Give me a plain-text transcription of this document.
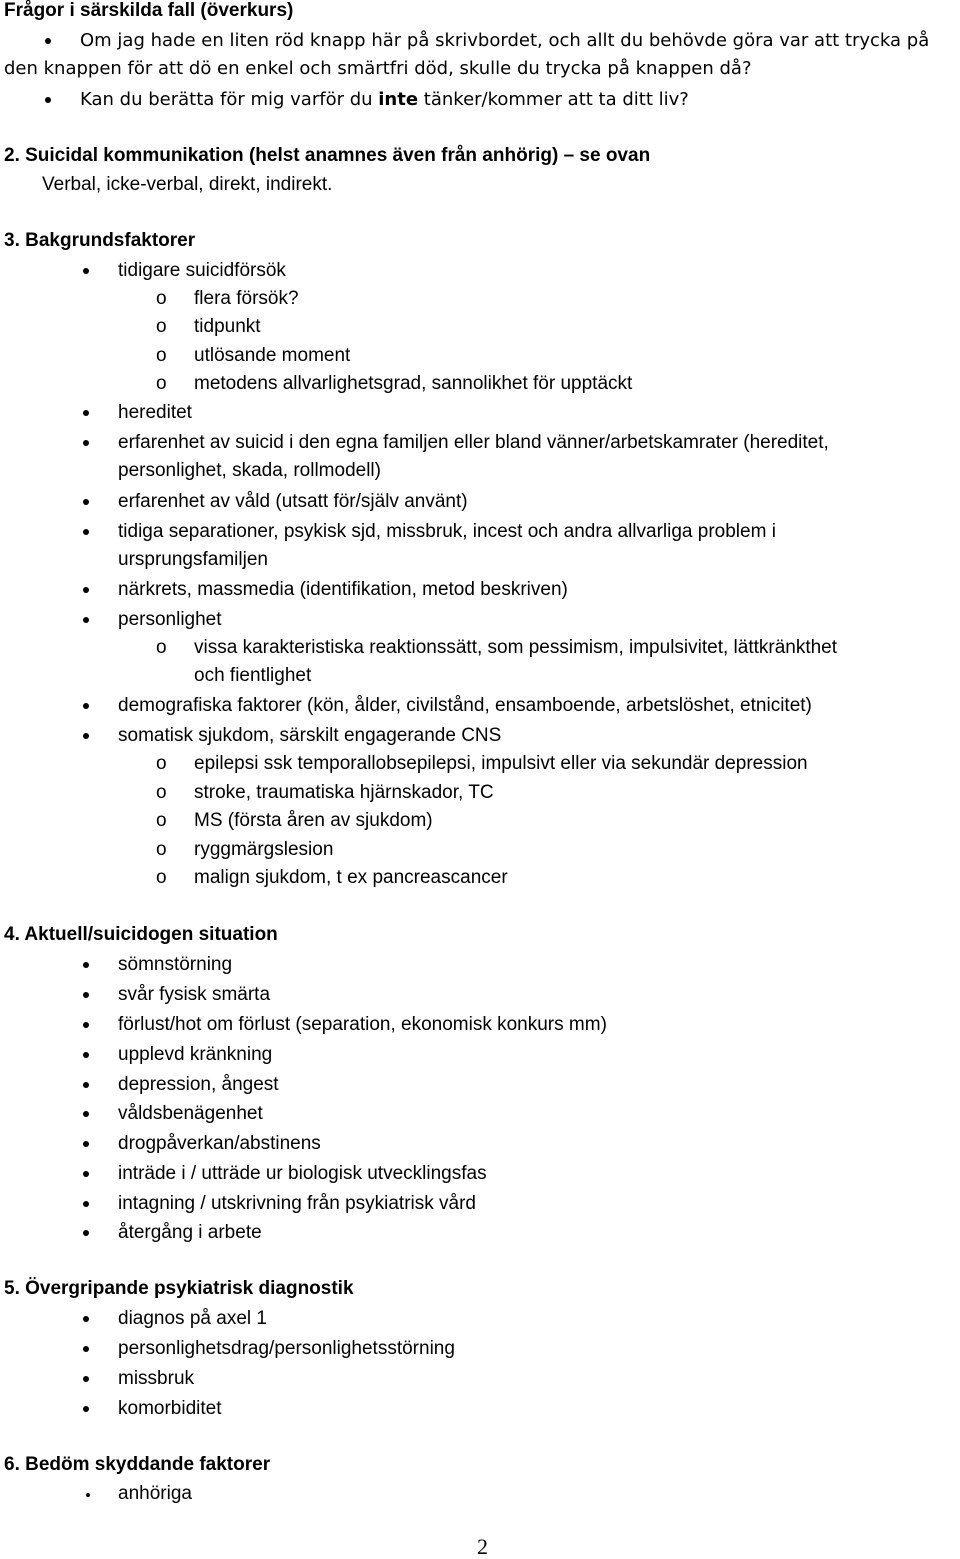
Frågor i särskilda fall (överkurs)
Om jag hade en liten röd knapp här på skrivbordet, och allt du behövde göra var att trycka på
den knappen för att dö en enkel och smärtfri död, skulle du trycka på knappen då?
Kan du berätta för mig varför du inte tänker/kommer att ta ditt liv?
2. Suicidal kommunikation (helst anamnes även från anhörig) – se ovan
Verbal, icke-verbal, direkt, indirekt.
3. Bakgrundsfaktorer
tidigare suicidförsök
o flera försök?
o tidpunkt
o utlösande moment
o metodens allvarlighetsgrad, sannolikhet för upptäckt
hereditet
erfarenhet av suicid i den egna familjen eller bland vänner/arbetskamrater (hereditet,
personlighet, skada, rollmodell)
erfarenhet av våld (utsatt för/själv använt)
tidiga separationer, psykisk sjd, missbruk, incest och andra allvarliga problem i
ursprungsfamiljen
närkrets, massmedia (identifikation, metod beskriven)
personlighet
o vissa karakteristiska reaktionssätt, som pessimism, impulsivitet, lättkränkthet
och fientlighet
demografiska faktorer (kön, ålder, civilstånd, ensamboende, arbetslöshet, etnicitet)
somatisk sjukdom, särskilt engagerande CNS
o epilepsi ssk temporallobsepilepsi, impulsivt eller via sekundär depression
o stroke, traumatiska hjärnskador, TC
o MS (första åren av sjukdom)
o ryggmärgslesion
o malign sjukdom, t ex pancreascancer
4. Aktuell/suicidogen situation
sömnstörning
svår fysisk smärta
förlust/hot om förlust (separation, ekonomisk konkurs mm)
upplevd kränkning
depression, ångest
våldsbenägenhet
drogpåverkan/abstinens
inträde i / utträde ur biologisk utvecklingsfas
intagning / utskrivning från psykiatrisk vård
återgång i arbete
5. Övergripande psykiatrisk diagnostik
diagnos på axel 1
personlighetsdrag/personlighetsstörning
missbruk
komorbiditet
6. Bedöm skyddande faktorer
anhöriga
2
